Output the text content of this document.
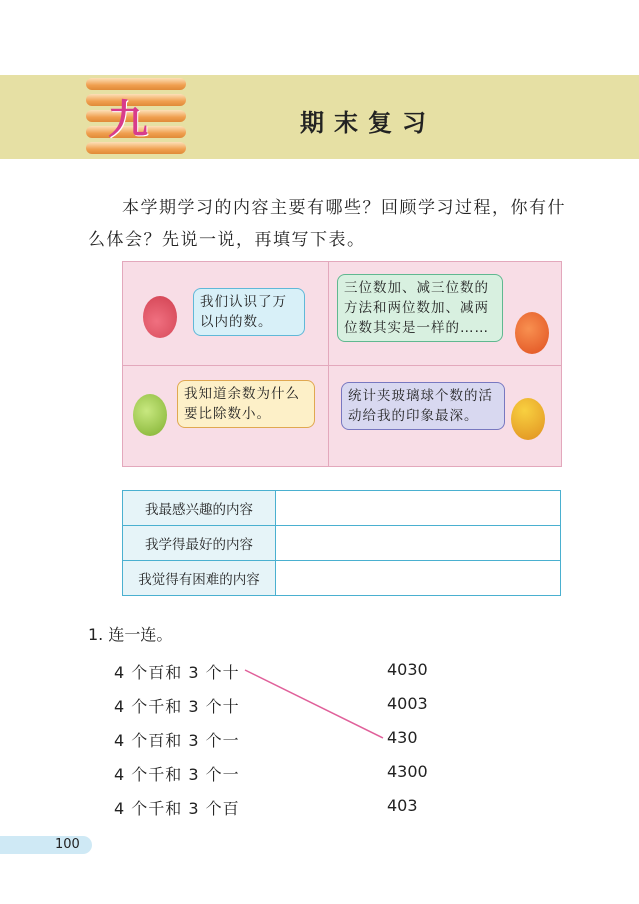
九	期末复习
本学期学习的内容主要有哪些？回顾学习过程，你有什么体会？先说一说，再填写下表。
我们认识了万以内的数。
三位数加、减三位数的方法和两位数加、减两位数其实是一样的……
我知道余数为什么要比除数小。
统计夹玻璃球个数的活动给我的印象最深。
我最感兴趣的内容	
我学得最好的内容	
我觉得有困难的内容	
1. 连一连。
4 个百和 3 个十
4 个千和 3 个十
4 个百和 3 个一
4 个千和 3 个一
4 个千和 3 个百
4030
4003
430
4300
403
100
